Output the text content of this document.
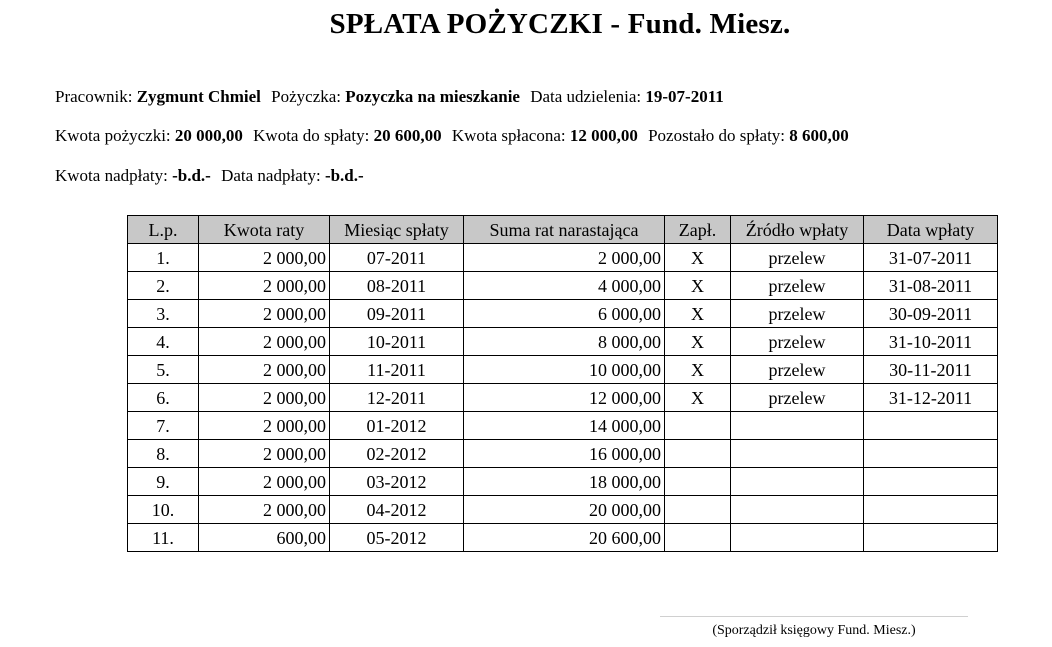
SPŁATA POŻYCZKI - Fund. Miesz.
Pracownik: Zygmunt Chmiel Pożyczka: Pozyczka na mieszkanie Data udzielenia: 19-07-2011
Kwota pożyczki: 20 000,00 Kwota do spłaty: 20 600,00 Kwota spłacona: 12 000,00 Pozostało do spłaty: 8 600,00
Kwota nadpłaty: -b.d.- Data nadpłaty: -b.d.-
L.p.	Kwota raty	Miesiąc spłaty	Suma rat narastająca	Zapł.	Źródło wpłaty	Data wpłaty
1.	2 000,00	07-2011	2 000,00	X	przelew	31-07-2011
2.	2 000,00	08-2011	4 000,00	X	przelew	31-08-2011
3.	2 000,00	09-2011	6 000,00	X	przelew	30-09-2011
4.	2 000,00	10-2011	8 000,00	X	przelew	31-10-2011
5.	2 000,00	11-2011	10 000,00	X	przelew	30-11-2011
6.	2 000,00	12-2011	12 000,00	X	przelew	31-12-2011
7.	2 000,00	01-2012	14 000,00			
8.	2 000,00	02-2012	16 000,00			
9.	2 000,00	03-2012	18 000,00			
10.	2 000,00	04-2012	20 000,00			
11.	600,00	05-2012	20 600,00			
(Sporządził księgowy Fund. Miesz.)
